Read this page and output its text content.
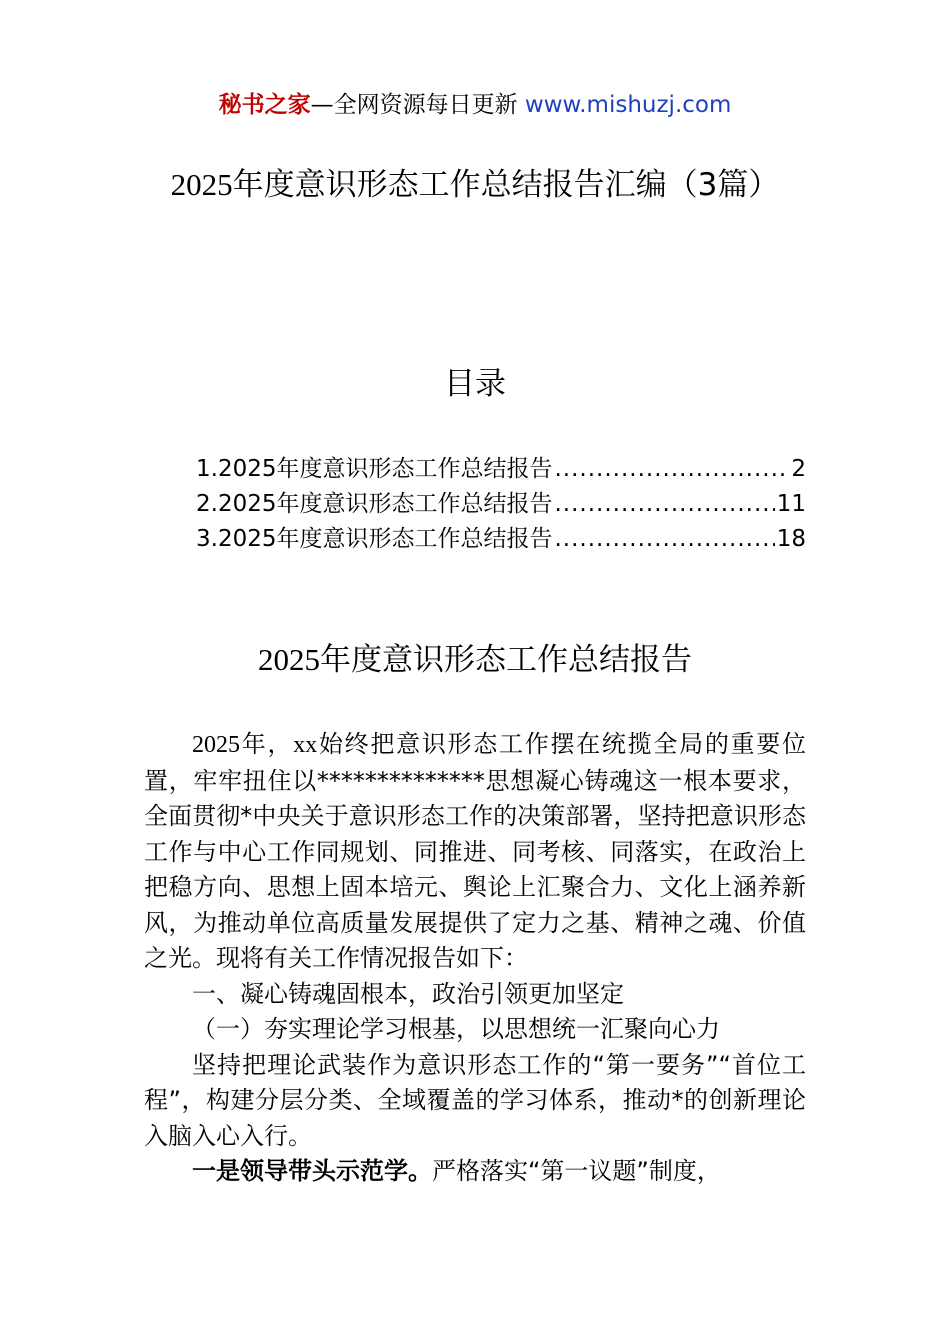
秘书之家—全网资源每日更新 www.mishuzj.com
2025年度意识形态工作总结报告汇编（3篇）
目录
1.2025年度意识形态工作总结报告 .....	2
2.2025年度意识形态工作总结报告 .....	11
3.2025年度意识形态工作总结报告 .....	18
2025年度意识形态工作总结报告

2025年，xx始终把意识形态工作摆在统揽全局的重要位置，牢牢扭住以**************思想凝心铸魂这一根本要求，全面贯彻*中央关于意识形态工作的决策部署，坚持把意识形态工作与中心工作同规划、同推进、同考核、同落实，在政治上把稳方向、思想上固本培元、舆论上汇聚合力、文化上涵养新风，为推动单位高质量发展提供了定力之基、精神之魂、价值之光。现将有关工作情况报告如下：

一、凝心铸魂固根本，政治引领更加坚定

（一）夯实理论学习根基，以思想统一汇聚向心力

坚持把理论武装作为意识形态工作的“第一要务”“首位工程”，构建分层分类、全域覆盖的学习体系，推动*的创新理论入脑入心入行。

一是领导带头示范学。严格落实“第一议题”制度，
